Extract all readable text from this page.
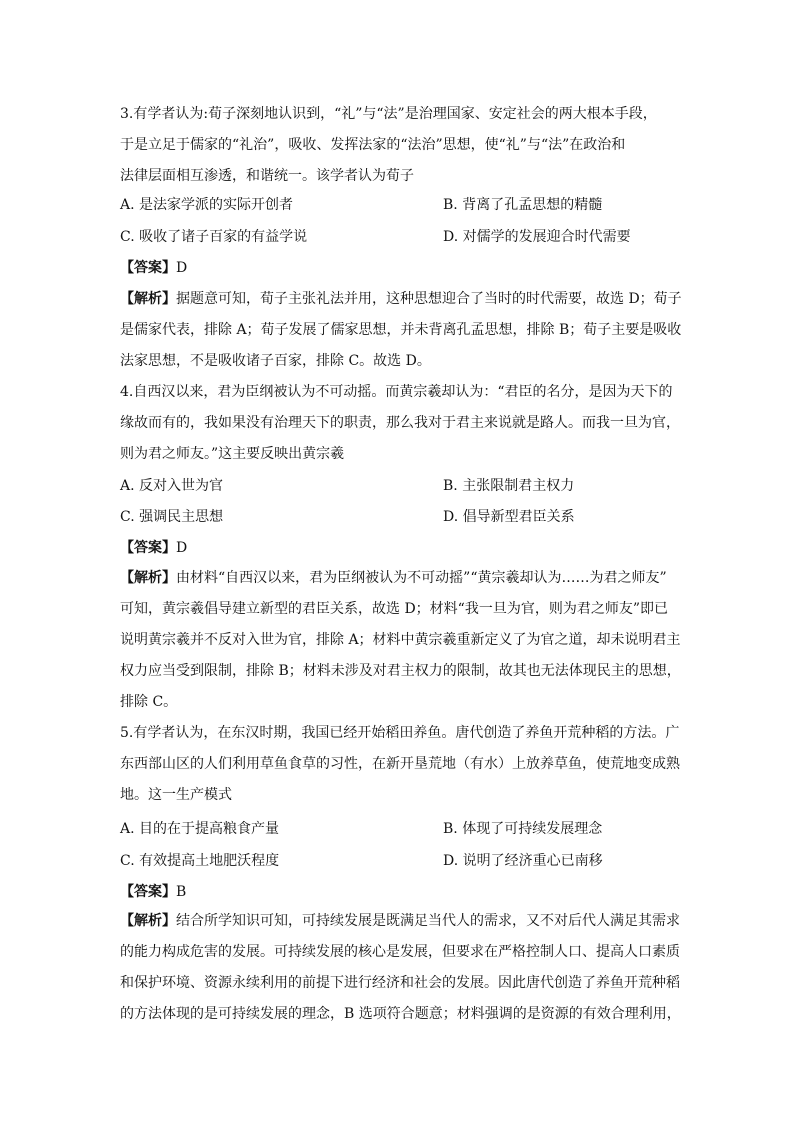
3.有学者认为:荀子深刻地认识到，“礼”与“法”是治理国家、安定社会的两大根本手段，
于是立足于儒家的“礼治”，吸收、发挥法家的“法治”思想，使“礼”与“法”在政治和
法律层面相互渗透，和谐统一。该学者认为荀子
A. 是法家学派的实际开创者	B. 背离了孔孟思想的精髓
C. 吸收了诸子百家的有益学说	D. 对儒学的发展迎合时代需要
【答案】D
【解析】据题意可知，荀子主张礼法并用，这种思想迎合了当时的时代需要，故选 D；荀子
是儒家代表，排除 A；荀子发展了儒家思想，并未背离孔孟思想，排除 B；荀子主要是吸收
法家思想，不是吸收诸子百家，排除 C。故选 D。
4.自西汉以来，君为臣纲被认为不可动摇。而黄宗羲却认为：“君臣的名分，是因为天下的
缘故而有的，我如果没有治理天下的职责，那么我对于君主来说就是路人。而我一旦为官，
则为君之师友。”这主要反映出黄宗羲
A. 反对入世为官	B. 主张限制君主权力
C. 强调民主思想	D. 倡导新型君臣关系
【答案】D
【解析】由材料“自西汉以来，君为臣纲被认为不可动摇”“黄宗羲却认为……为君之师友”
可知，黄宗羲倡导建立新型的君臣关系，故选 D；材料“我一旦为官，则为君之师友”即已
说明黄宗羲并不反对入世为官，排除 A；材料中黄宗羲重新定义了为官之道，却未说明君主
权力应当受到限制，排除 B；材料未涉及对君主权力的限制，故其也无法体现民主的思想，
排除 C。
5.有学者认为，在东汉时期，我国已经开始稻田养鱼。唐代创造了养鱼开荒种稻的方法。广
东西部山区的人们利用草鱼食草的习性，在新开垦荒地（有水）上放养草鱼，使荒地变成熟
地。这一生产模式
A. 目的在于提高粮食产量	B. 体现了可持续发展理念
C. 有效提高土地肥沃程度	D. 说明了经济重心已南移
【答案】B
【解析】结合所学知识可知，可持续发展是既满足当代人的需求，又不对后代人满足其需求
的能力构成危害的发展。可持续发展的核心是发展，但要求在严格控制人口、提高人口素质
和保护环境、资源永续利用的前提下进行经济和社会的发展。因此唐代创造了养鱼开荒种稻
的方法体现的是可持续发展的理念，B 选项符合题意；材料强调的是资源的有效合理利用，
